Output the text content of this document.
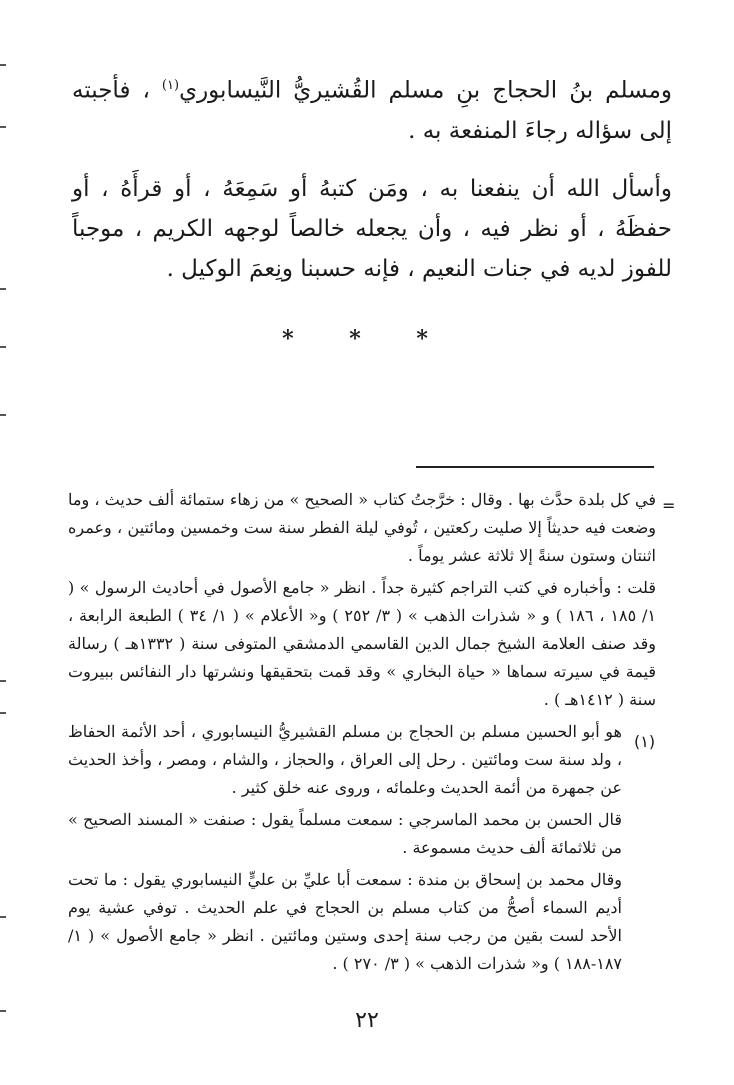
ومسلم بنُ الحجاج بنِ مسلم القُشيريُّ النَّيسابوري$^{(١)}$ ، فأجبته إلى سؤاله رجاءَ المنفعة به .

وأسأل الله أن ينفعنا به ، ومَن كتبهُ أو سَمِعَهُ ، أو قرأَهُ ، أو حفظَهُ ، أو نظر فيه ، وأن يجعله خالصاً لوجهه الكريم ، موجباً للفوز لديه في جنات النعيم ، فإنه حسبنا ونِعمَ الوكيل .

* * *
=
(١)

في كل بلدة حدَّث بها . وقال : خرَّجتُ كتاب « الصحيح » من زهاء ستمائة ألف حديث ، وما وضعت فيه حديثاً إلا صليت ركعتين ، تُوفي ليلة الفطر سنة ست وخمسين ومائتين ، وعمره اثنتان وستون سنةً إلا ثلاثة عشر يوماً .

قلت : وأخباره في كتب التراجم كثيرة جداً . انظر « جامع الأصول في أحاديث الرسول » ( ١/ ١٨٥ ، ١٨٦ ) و « شذرات الذهب » ( ٣/ ٢٥٢ ) و« الأعلام » ( ١/ ٣٤ ) الطبعة الرابعة ، وقد صنف العلامة الشيخ جمال الدين القاسمي الدمشقي المتوفى سنة ( ١٣٣٢هـ ) رسالة قيمة في سيرته سماها « حياة البخاري » وقد قمت بتحقيقها ونشرتها دار النفائس ببيروت سنة ( ١٤١٢هـ ) .

هو أبو الحسين مسلم بن الحجاج بن مسلم القشيريُّ النيسابوري ، أحد الأئمة الحفاظ ، ولد سنة ست ومائتين . رحل إلى العراق ، والحجاز ، والشام ، ومصر ، وأخذ الحديث عن جمهرة من أئمة الحديث وعلمائه ، وروى عنه خلق كثير .

قال الحسن بن محمد الماسرجي : سمعت مسلماً يقول : صنفت « المسند الصحيح » من ثلاثمائة ألف حديث مسموعة .

وقال محمد بن إسحاق بن مندة : سمعت أبا عليِّ بن عليٍّ النيسابوري يقول : ما تحت أديم السماء أصحُّ من كتاب مسلم بن الحجاج في علم الحديث . توفي عشية يوم الأحد لست بقين من رجب سنة إحدى وستين ومائتين . انظر « جامع الأصول » ( ١/ ١٨٧-١٨٨ ) و« شذرات الذهب » ( ٣/ ٢٧٠ ) .

٢٢
